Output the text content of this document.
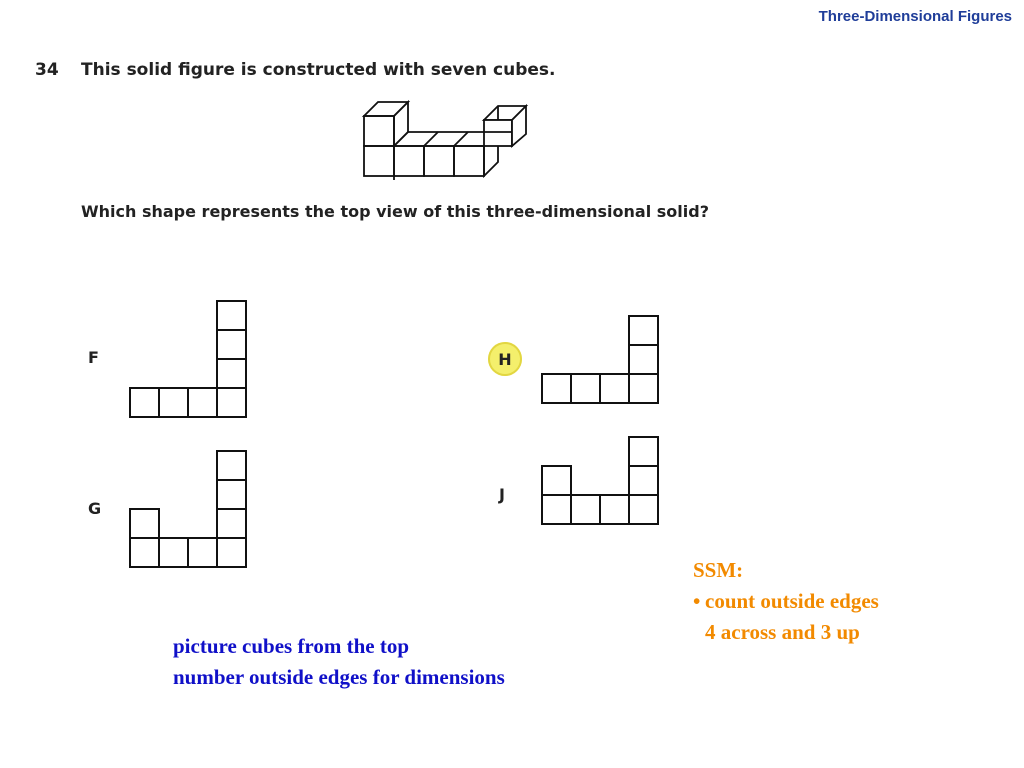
Three-Dimensional Figures
34 This solid figure is constructed with seven cubes.
Which shape represents the top view of this three-dimensional solid?
F
G
H
J
SSM:
• count outside edges
4 across and 3 up
picture cubes from the top
number outside edges for dimensions
